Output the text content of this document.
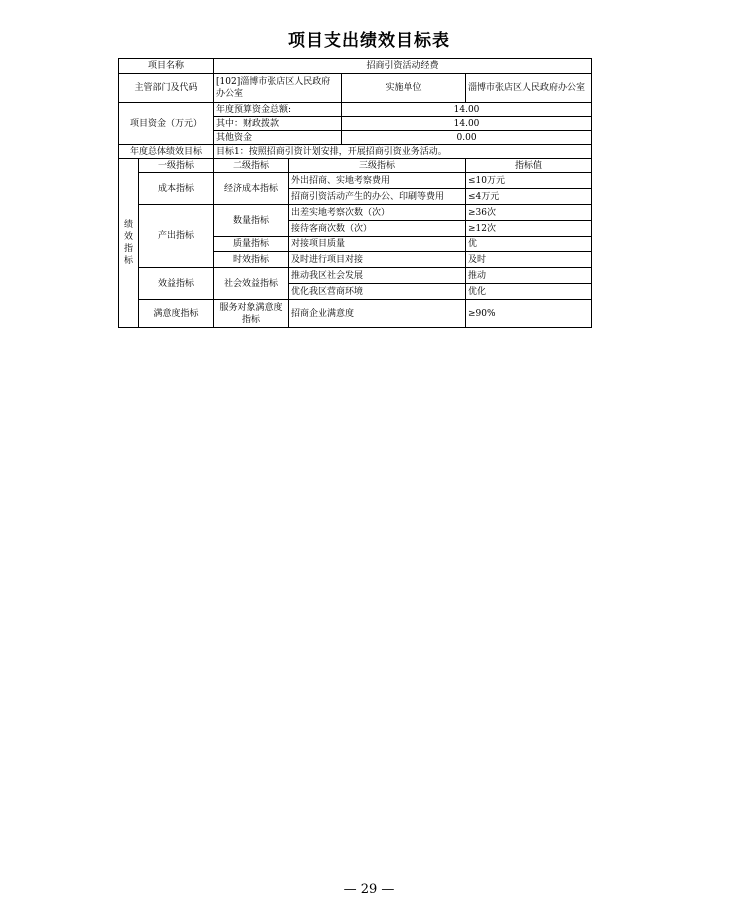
项目支出绩效目标表
项目名称		招商引资活动经费			
主管部门及代码		[102]淄博市张店区人民政府办公室		实施单位	淄博市张店区人民政府办公室
项目资金（万元）		年度预算资金总额:		14.00	
		其中：财政拨款		14.00	
		其他资金		0.00	
年度总体绩效目标		目标1：按照招商引资计划安排，开展招商引资业务活动。			
绩效指标	一级指标	二级指标	三级指标		指标值
	成本指标	经济成本指标	外出招商、实地考察费用		≤10万元
			招商引资活动产生的办公、印刷等费用		≤4万元
	产出指标	数量指标	出差实地考察次数（次）		≥36次
			接待客商次数（次）		≥12次
		质量指标	对接项目质量		优
		时效指标	及时进行项目对接		及时
	效益指标	社会效益指标	推动我区社会发展		推动
			优化我区营商环境		优化
	满意度指标	服务对象满意度指标	招商企业满意度		≥90%
— 29 —
